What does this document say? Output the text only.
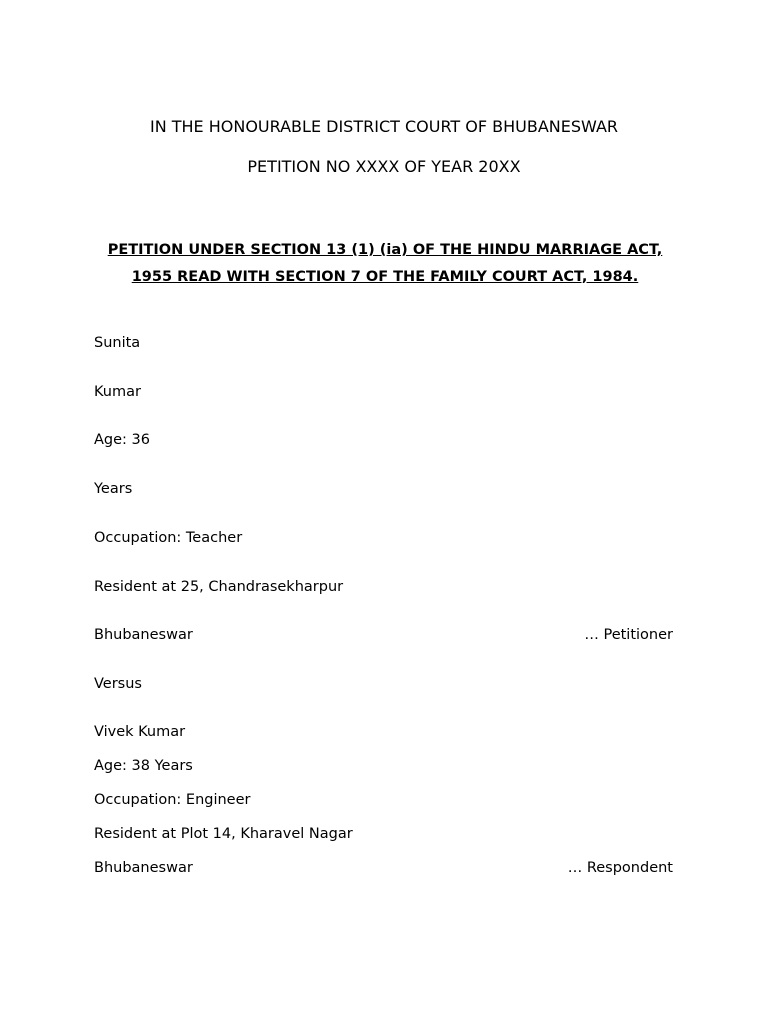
IN THE HONOURABLE DISTRICT COURT OF BHUBANESWAR
PETITION NO XXXX OF YEAR 20XX
PETITION UNDER SECTION 13 (1) (ia) OF THE HINDU MARRIAGE ACT, 1955 READ WITH SECTION 7 OF THE FAMILY COURT ACT, 1984.
Sunita
Kumar
Age: 36
Years
Occupation: Teacher
Resident at 25, Chandrasekharpur
Bhubaneswar	… Petitioner
Versus
Vivek Kumar
Age: 38 Years
Occupation: Engineer
Resident at Plot 14, Kharavel Nagar
Bhubaneswar	… Respondent
